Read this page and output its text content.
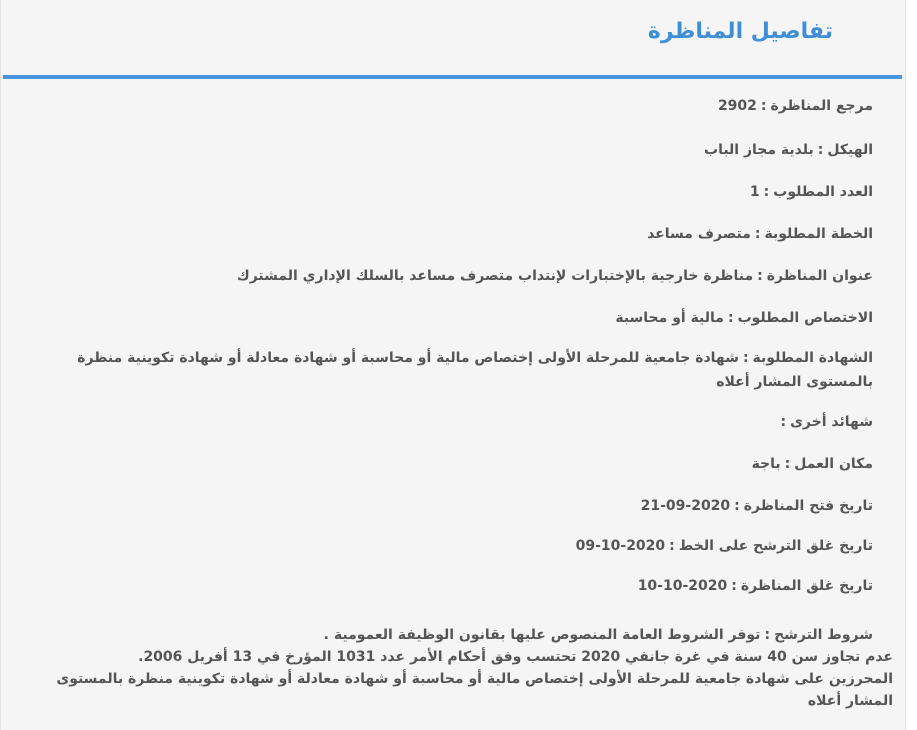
تفاصيل المناظرة
مرجع المناظرة:2902
الهيكل:بلدية مجاز الباب
العدد المطلوب:1
الخطة المطلوبة:متصرف مساعد
عنوان المناظرة:مناظرة خارجية بالإختبارات لإنتداب متصرف مساعد بالسلك الإداري المشترك
الاختصاص المطلوب:مالية أو محاسبة
الشهادة المطلوبة:شهادة جامعية للمرحلة الأولى إختصاص مالية أو محاسبة أو شهادة معادلة أو شهادة تكوينية منظرة بالمستوى المشار أعلاه
شهائد أخرى:
مكان العمل:باجة
تاريخ فتح المناظرة:2020-09-21
تاريخ غلق الترشح على الخط:2020-10-09
تاريخ غلق المناظرة:2020-10-10
شروط الترشح:توفر الشروط العامة المنصوص عليها بقانون الوظيفة العمومية .
عدم تجاوز سن 40 سنة في غرة جانفي 2020 تحتسب وفق أحكام الأمر عدد 1031 المؤرخ في 13 أفريل 2006.
المحرزين على شهادة جامعية للمرحلة الأولى إختصاص مالية أو محاسبة أو شهادة معادلة أو شهادة تكوينية منظرة بالمستوى المشار أعلاه
